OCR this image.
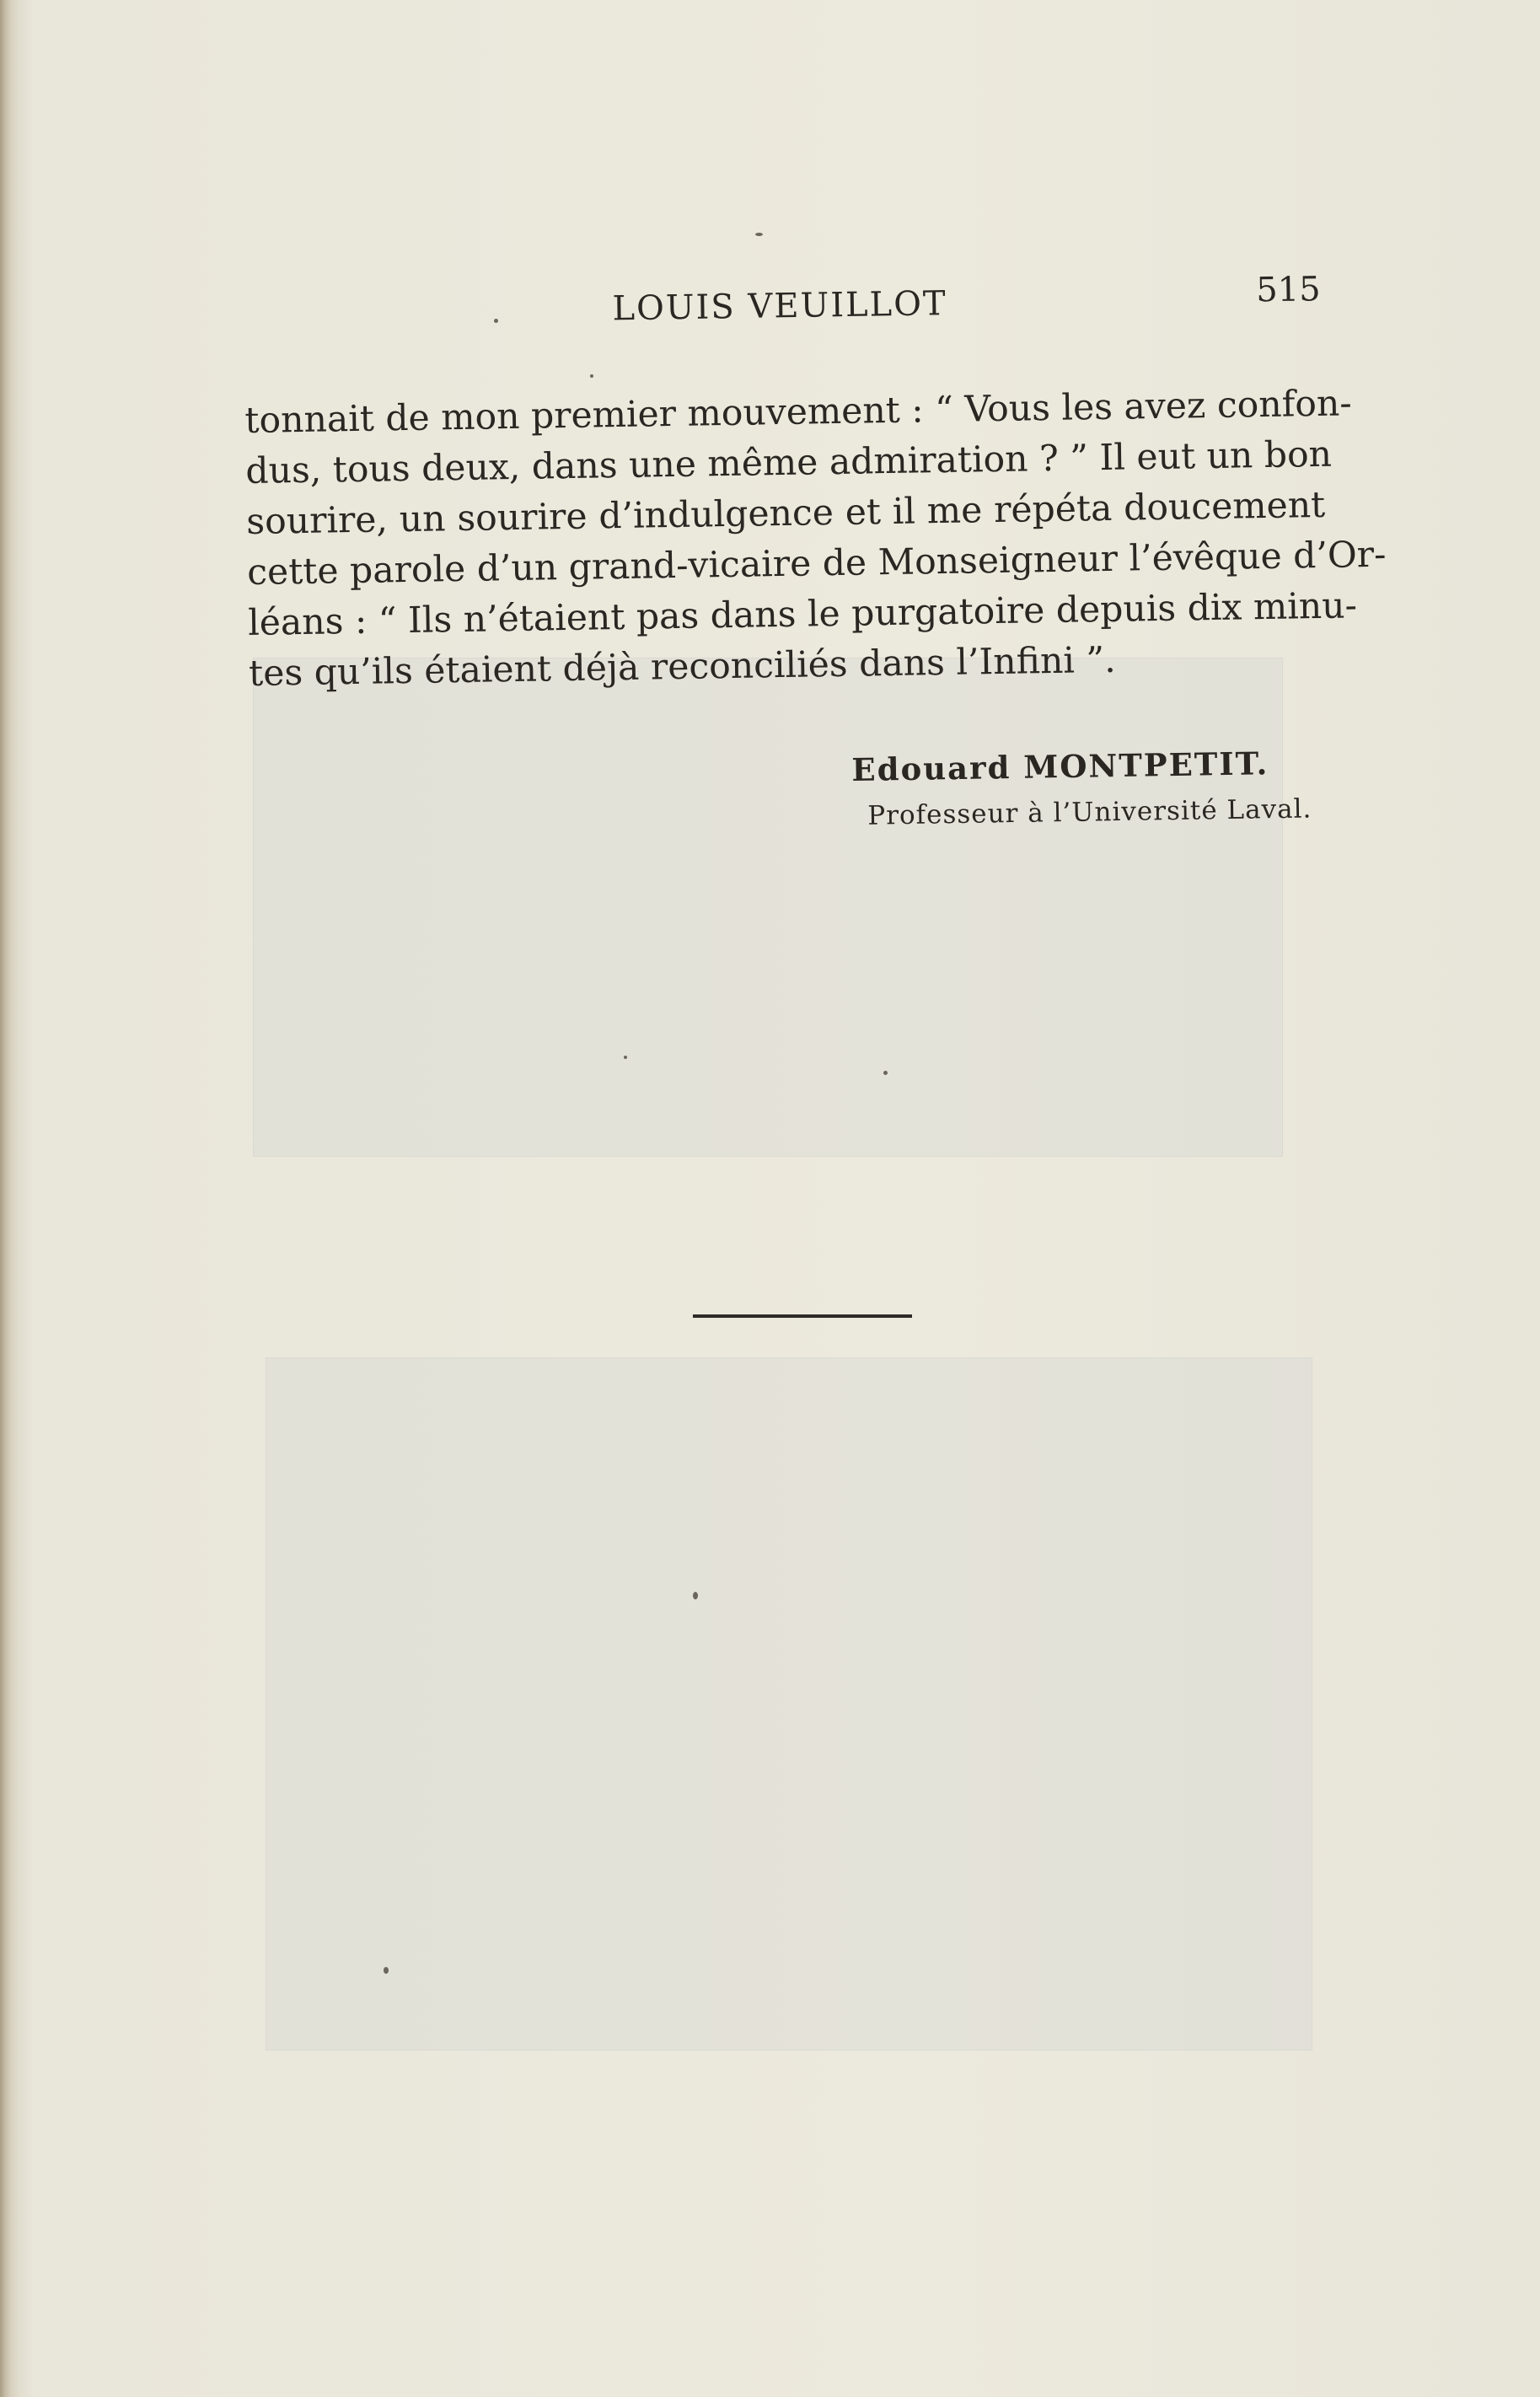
LOUIS VEUILLOT	515
tonnait de mon premier mouvement : “ Vous les avez confon-
dus, tous deux, dans une même admiration ? ” Il eut un bon
sourire, un sourire d’indulgence et il me répéta doucement
cette parole d’un grand-vicaire de Monseigneur l’évêque d’Or-
léans : “ Ils n’étaient pas dans le purgatoire depuis dix minu-
tes qu’ils étaient déjà reconciliés dans l’Infini ”.
Edouard MONTPETIT.
Professeur à l’Université Laval.
